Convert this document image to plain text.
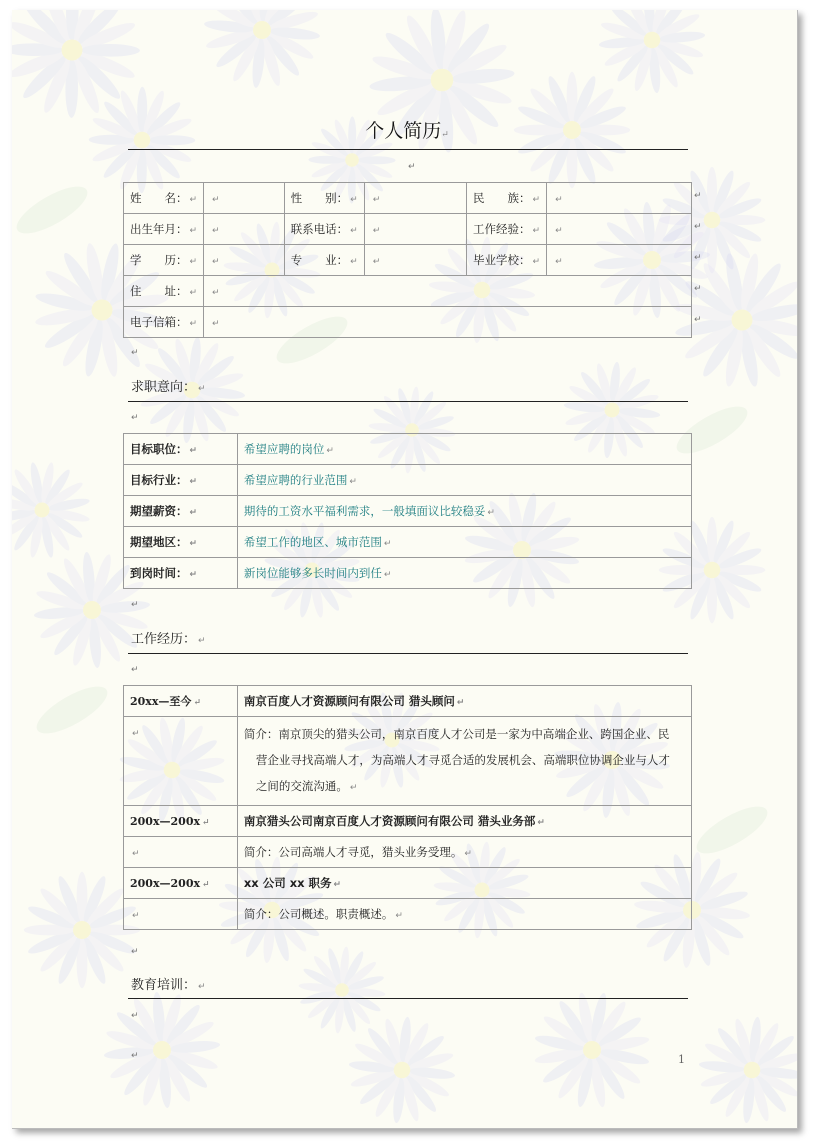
个人简历↵
↵
姓　　名： ↵	↵	性　　别： ↵	↵	民　　族： ↵	↵
出生年月： ↵	↵	联系电话： ↵	↵	工作经验： ↵	↵
学　　历： ↵	↵	专　　业： ↵	↵	毕业学校： ↵	↵
住　　址： ↵	↵				
电子信箱： ↵	↵				
↵
↵
↵
↵
↵
↵
求职意向： ↵
↵
目标职位： ↵	希望应聘的岗位 ↵
目标行业： ↵	希望应聘的行业范围 ↵
期望薪资： ↵	期待的工资水平福利需求，一般填面议比较稳妥 ↵
期望地区： ↵	希望工作的地区、城市范围 ↵
到岗时间： ↵	新岗位能够多长时间内到任 ↵
↵
工作经历： ↵
↵
20xx—至今 ↵	南京百度人才资源顾问有限公司 猎头顾问 ↵
↵	简介：南京顶尖的猎头公司，南京百度人才公司是一家为中高端企业、跨国企业、民
营企业寻找高端人才，为高端人才寻觅合适的发展机会、高端职位协调企业与人才
之间的交流沟通。 ↵

200x—200x ↵	南京猎头公司南京百度人才资源顾问有限公司 猎头业务部 ↵
↵	简介：公司高端人才寻觅，猎头业务受理。 ↵
200x—200x ↵	xx 公司 xx 职务 ↵
↵	简介：公司概述。职责概述。 ↵
↵
教育培训： ↵
↵
↵	1
